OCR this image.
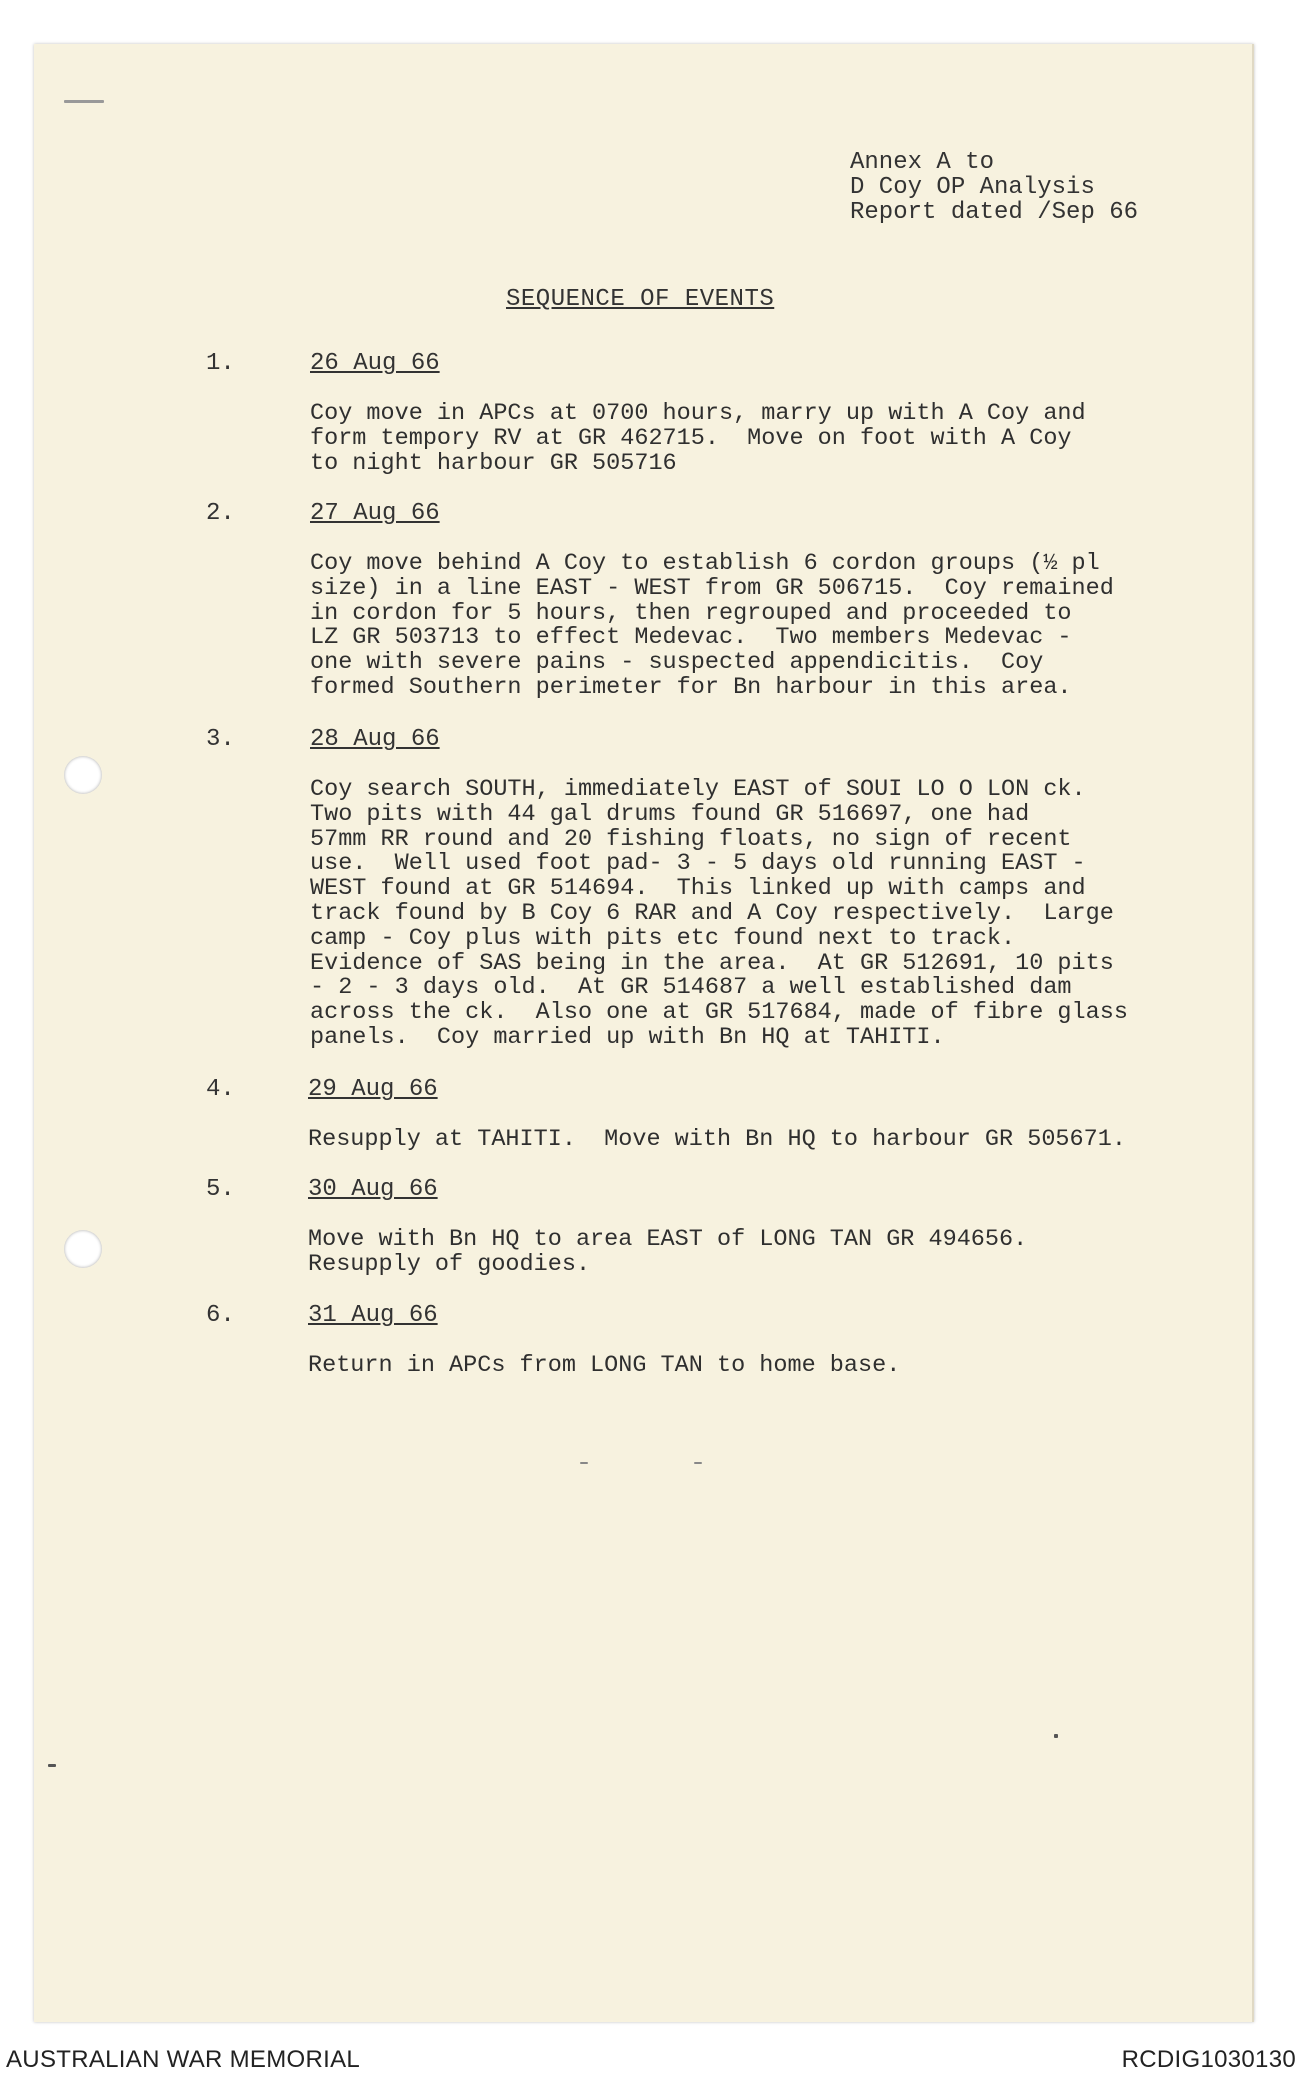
Annex A to
D Coy OP Analysis
Report dated /Sep 66
SEQUENCE OF EVENTS
1.	26 Aug 66
Coy move in APCs at 0700 hours, marry up with A Coy and
form tempory RV at GR 462715.  Move on foot with A Coy
to night harbour GR 505716
2.	27 Aug 66
Coy move behind A Coy to establish 6 cordon groups (½ pl
size) in a line EAST - WEST from GR 506715.  Coy remained
in cordon for 5 hours, then regrouped and proceeded to
LZ GR 503713 to effect Medevac.  Two members Medevac -
one with severe pains - suspected appendicitis.  Coy
formed Southern perimeter for Bn harbour in this area.
3.	28 Aug 66
Coy search SOUTH, immediately EAST of SOUI LO O LON ck.
Two pits with 44 gal drums found GR 516697, one had
57mm RR round and 20 fishing floats, no sign of recent
use.  Well used foot pad- 3 - 5 days old running EAST -
WEST found at GR 514694.  This linked up with camps and
track found by B Coy 6 RAR and A Coy respectively.  Large
camp - Coy plus with pits etc found next to track.
Evidence of SAS being in the area.  At GR 512691, 10 pits
- 2 - 3 days old.  At GR 514687 a well established dam
across the ck.  Also one at GR 517684, made of fibre glass
panels.  Coy married up with Bn HQ at TAHITI.
4.	29 Aug 66
Resupply at TAHITI.  Move with Bn HQ to harbour GR 505671.
5.	30 Aug 66
Move with Bn HQ to area EAST of LONG TAN GR 494656.
Resupply of goodies.
6.	31 Aug 66
Return in APCs from LONG TAN to home base.
AUSTRALIAN WAR MEMORIAL	RCDIG1030130
